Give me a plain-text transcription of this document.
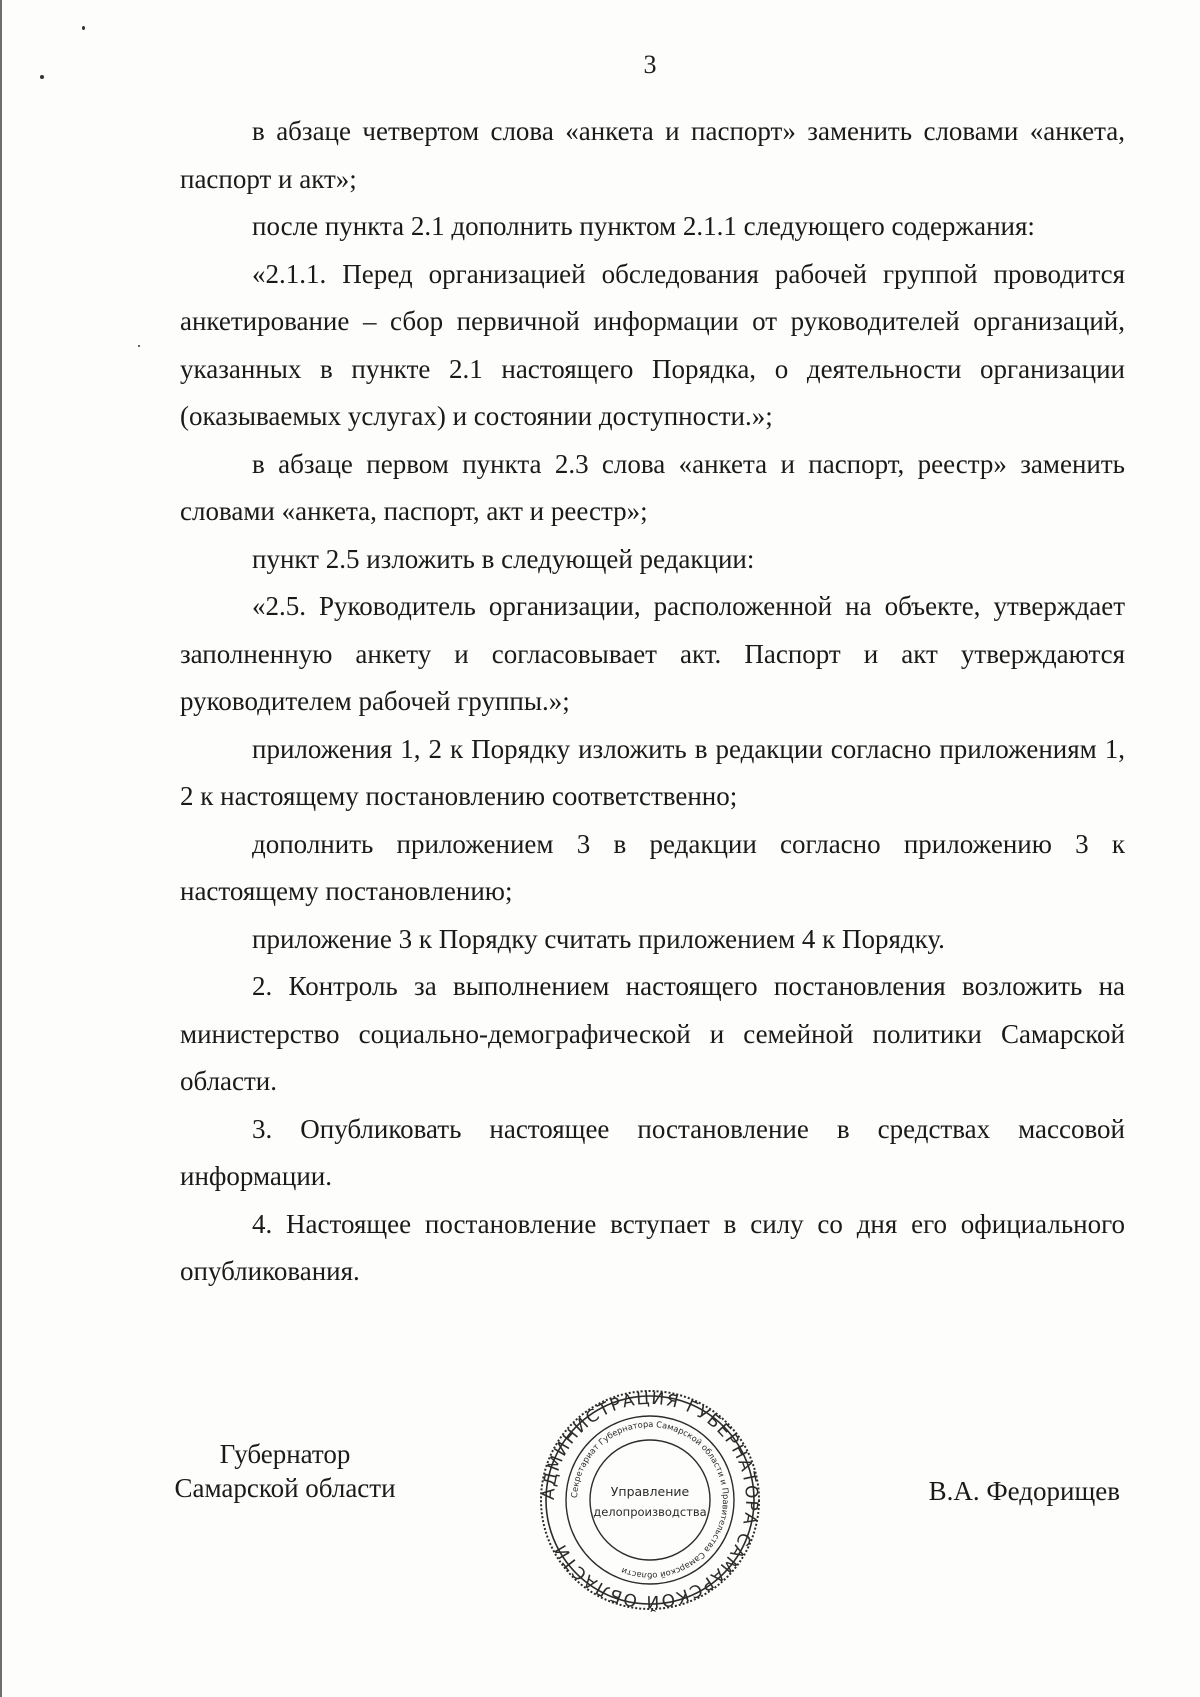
3

в абзаце четвертом слова «анкета и паспорт» заменить словами «анкета, паспорт и акт»;

после пункта 2.1 дополнить пунктом 2.1.1 следующего содержания:

«2.1.1. Перед организацией обследования рабочей группой проводится анкетирование – сбор первичной информации от руководителей организаций, указанных в пункте 2.1 настоящего Порядка, о деятельности организации (оказываемых услугах) и состоянии доступности.»;

в абзаце первом пункта 2.3 слова «анкета и паспорт, реестр» заменить словами «анкета, паспорт, акт и реестр»;

пункт 2.5 изложить в следующей редакции:

«2.5. Руководитель организации, расположенной на объекте, утверждает заполненную анкету и согласовывает акт. Паспорт и акт утверждаются руководителем рабочей группы.»;

приложения 1, 2 к Порядку изложить в редакции согласно приложениям 1, 2 к настоящему постановлению соответственно;

дополнить приложением 3 в редакции согласно приложению 3 к настоящему постановлению;

приложение 3 к Порядку считать приложением 4 к Порядку.

2. Контроль за выполнением настоящего постановления возложить на министерство социально-демографической и семейной политики Самарской области.

3. Опубликовать настоящее постановление в средствах массовой информации.

4. Настоящее постановление вступает в силу со дня его официального опубликования.

Губернатор
Самарской области	АДМИНИСТРАЦИЯ ГУБЕРНАТОРА САМАРСКОЙ ОБЛАСТИ
Секретариат Губернатора Самарской области и Правительства Самарской области
Управление
делопроизводства
В.А. Федорищев
